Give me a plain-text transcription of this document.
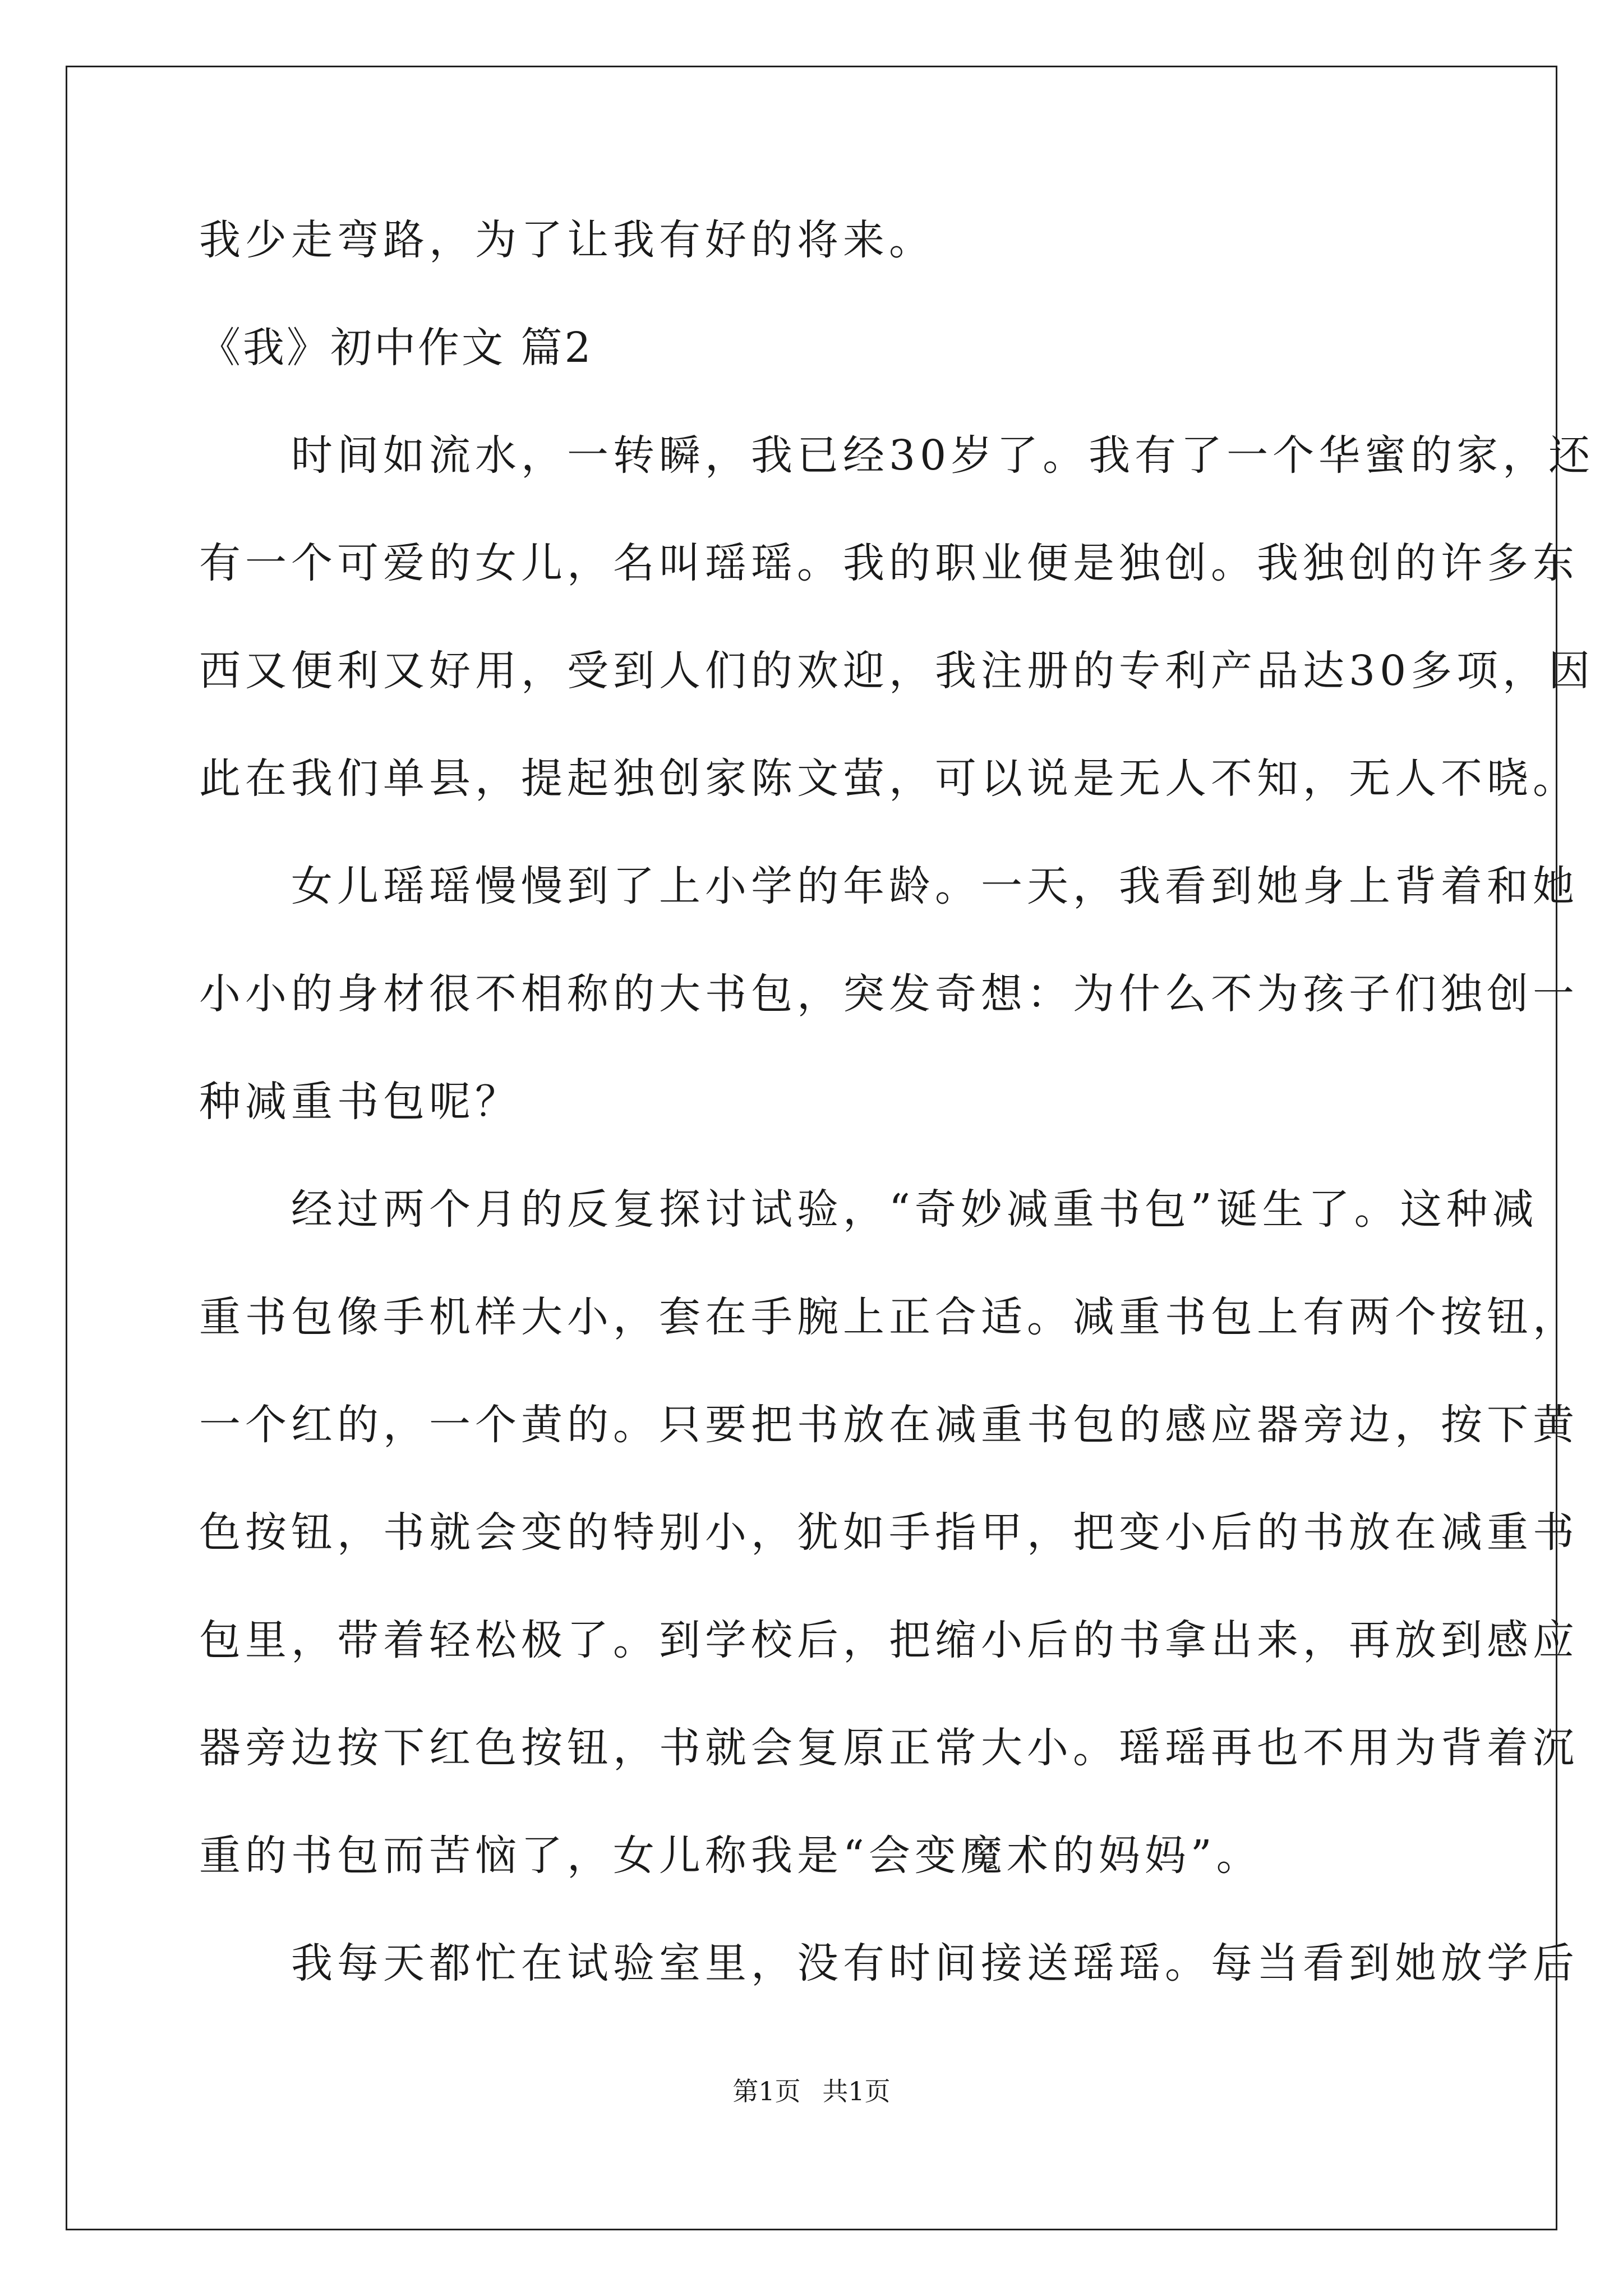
我少走弯路，为了让我有好的将来。
《我》初中作文 篇2
　　时间如流水，一转瞬，我已经30岁了。我有了一个华蜜的家，还
有一个可爱的女儿，名叫瑶瑶。我的职业便是独创。我独创的许多东
西又便利又好用，受到人们的欢迎，我注册的专利产品达30多项，因
此在我们单县，提起独创家陈文萤，可以说是无人不知，无人不晓。
　　女儿瑶瑶慢慢到了上小学的年龄。一天，我看到她身上背着和她
小小的身材很不相称的大书包，突发奇想：为什么不为孩子们独创一
种减重书包呢？
　　经过两个月的反复探讨试验，“奇妙减重书包”诞生了。这种减
重书包像手机样大小，套在手腕上正合适。减重书包上有两个按钮，
一个红的，一个黄的。只要把书放在减重书包的感应器旁边，按下黄
色按钮，书就会变的特别小，犹如手指甲，把变小后的书放在减重书
包里，带着轻松极了。到学校后，把缩小后的书拿出来，再放到感应
器旁边按下红色按钮，书就会复原正常大小。瑶瑶再也不用为背着沉
重的书包而苦恼了，女儿称我是“会变魔术的妈妈”。
　　我每天都忙在试验室里，没有时间接送瑶瑶。每当看到她放学后
第1页 共1页
